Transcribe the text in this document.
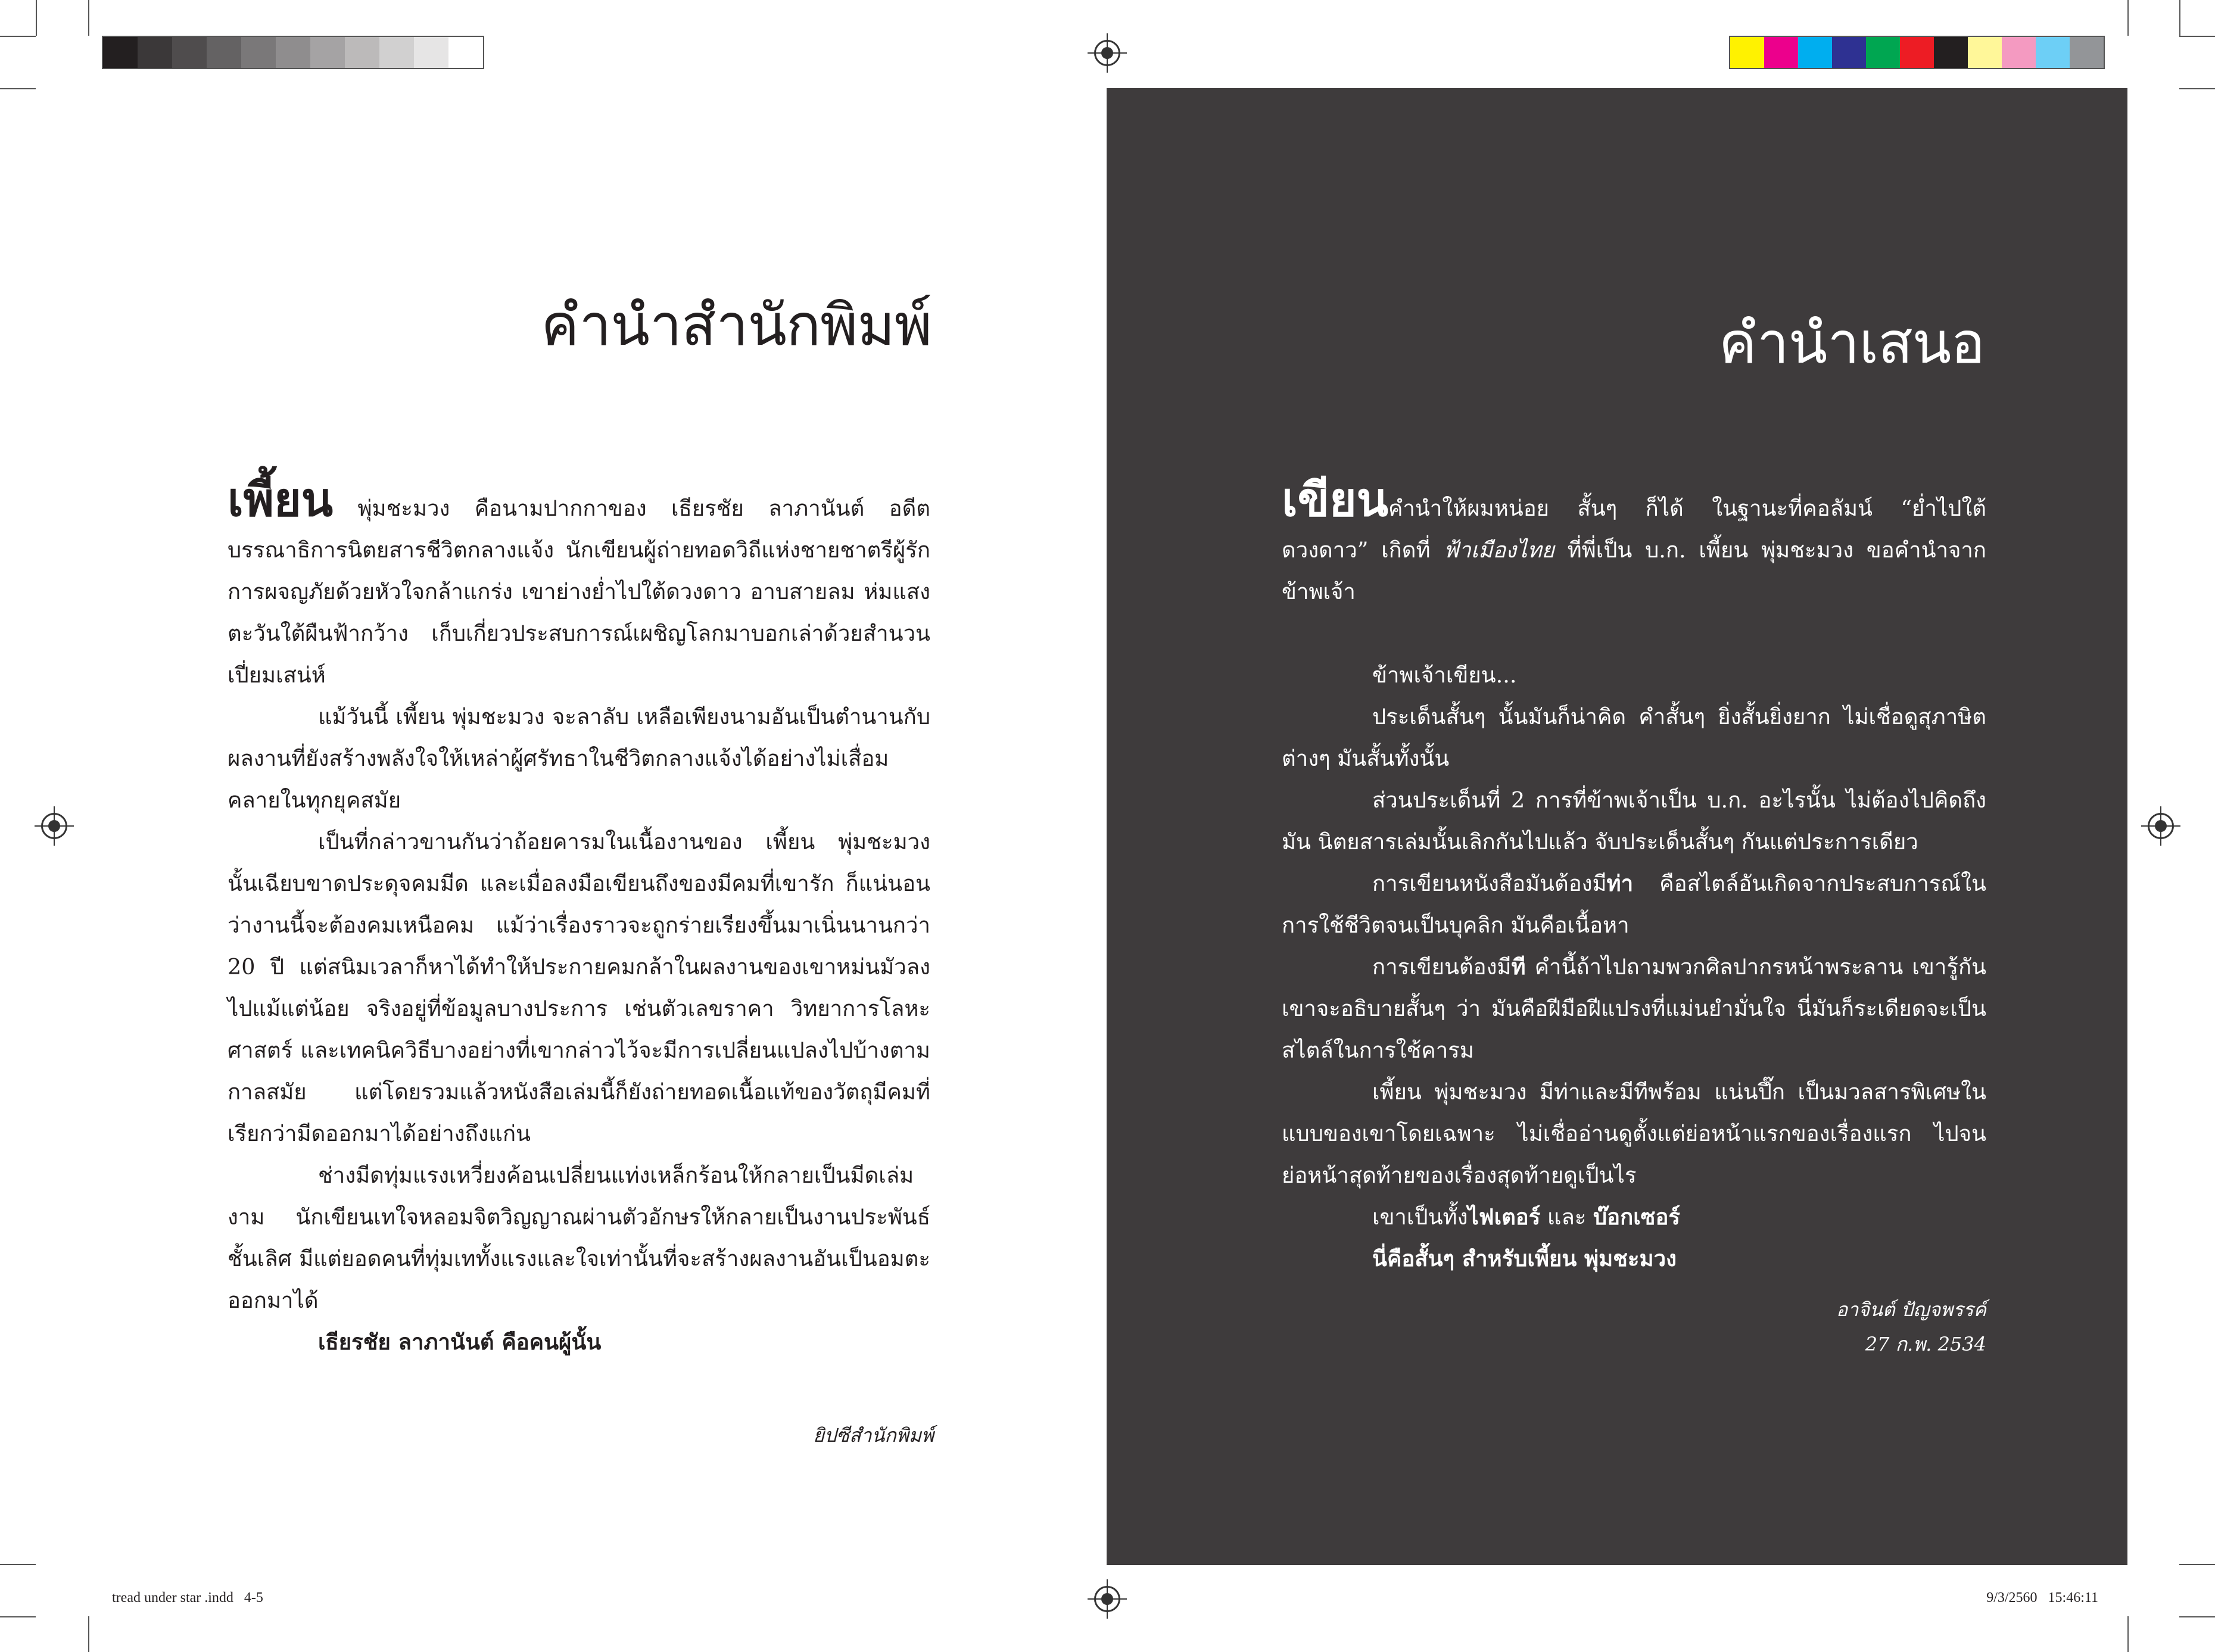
คำนำสำนักพิมพ์

เพี้ยน พุ่มชะมวง คือนามปากกาของ เธียรชัย ลาภานันต์ อดีตบรรณาธิการนิตยสารชีวิตกลางแจ้ง นักเขียนผู้ถ่ายทอดวิถีแห่งชายชาตรีผู้รักการผจญภัยด้วยหัวใจกล้าแกร่ง เขาย่างย่ำไปใต้ดวงดาว อาบสายลม ห่มแสงตะวันใต้ผืนฟ้ากว้าง เก็บเกี่ยวประสบการณ์เผชิญโลกมาบอกเล่าด้วยสำนวนเปี่ยมเสน่ห์

แม้วันนี้ เพี้ยน พุ่มชะมวง จะลาลับ เหลือเพียงนามอันเป็นตำนานกับผลงานที่ยังสร้างพลังใจให้เหล่าผู้ศรัทธาในชีวิตกลางแจ้งได้อย่างไม่เสื่อมคลายในทุกยุคสมัย

เป็นที่กล่าวขานกันว่าถ้อยคารมในเนื้องานของ เพี้ยน พุ่มชะมวง นั้นเฉียบขาดประดุจคมมีด และเมื่อลงมือเขียนถึงของมีคมที่เขารัก ก็แน่นอนว่างานนี้จะต้องคมเหนือคม แม้ว่าเรื่องราวจะถูกร่ายเรียงขึ้นมาเนิ่นนานกว่า 20 ปี แต่สนิมเวลาก็หาได้ทำให้ประกายคมกล้าในผลงานของเขาหม่นมัวลงไปแม้แต่น้อย จริงอยู่ที่ข้อมูลบางประการ เช่นตัวเลขราคา วิทยาการโลหะศาสตร์ และเทคนิควิธีบางอย่างที่เขากล่าวไว้จะมีการเปลี่ยนแปลงไปบ้างตามกาลสมัย แต่โดยรวมแล้วหนังสือเล่มนี้ก็ยังถ่ายทอดเนื้อแท้ของวัตถุมีคมที่เรียกว่ามีดออกมาได้อย่างถึงแก่น

ช่างมีดทุ่มแรงเหวี่ยงค้อนเปลี่ยนแท่งเหล็กร้อนให้กลายเป็นมีดเล่มงาม นักเขียนเทใจหลอมจิตวิญญาณผ่านตัวอักษรให้กลายเป็นงานประพันธ์ชั้นเลิศ มีแต่ยอดคนที่ทุ่มเททั้งแรงและใจเท่านั้นที่จะสร้างผลงานอันเป็นอมตะออกมาได้

เธียรชัย ลาภานันต์ คือคนผู้นั้น

ยิปซีสำนักพิมพ์
คำนำเสนอ

เขียนคำนำให้ผมหน่อย สั้นๆ ก็ได้ ในฐานะที่คอลัมน์ “ย่ำไปใต้ดวงดาว” เกิดที่ ฟ้าเมืองไทย ที่พี่เป็น บ.ก. เพี้ยน พุ่มชะมวง ขอคำนำจากข้าพเจ้า

ข้าพเจ้าเขียน...

ประเด็นสั้นๆ นั้นมันก็น่าคิด คำสั้นๆ ยิ่งสั้นยิ่งยาก ไม่เชื่อดูสุภาษิตต่างๆ มันสั้นทั้งนั้น

ส่วนประเด็นที่ 2 การที่ข้าพเจ้าเป็น บ.ก. อะไรนั้น ไม่ต้องไปคิดถึงมัน นิตยสารเล่มนั้นเลิกกันไปแล้ว จับประเด็นสั้นๆ กันแต่ประการเดียว

การเขียนหนังสือมันต้องมีท่า คือสไตล์อันเกิดจากประสบการณ์ในการใช้ชีวิตจนเป็นบุคลิก มันคือเนื้อหา

การเขียนต้องมีที คำนี้ถ้าไปถามพวกศิลปากรหน้าพระลาน เขารู้กันเขาจะอธิบายสั้นๆ ว่า มันคือฝีมือฝีแปรงที่แม่นยำมั่นใจ นี่มันก็ระเดียดจะเป็นสไตล์ในการใช้คารม

เพี้ยน พุ่มชะมวง มีท่าและมีทีพร้อม แน่นปึ๊ก เป็นมวลสารพิเศษในแบบของเขาโดยเฉพาะ ไม่เชื่ออ่านดูตั้งแต่ย่อหน้าแรกของเรื่องแรก ไปจนย่อหน้าสุดท้ายของเรื่องสุดท้ายดูเป็นไร

เขาเป็นทั้งไฟเตอร์ และ บ๊อกเซอร์

นี่คือสั้นๆ สำหรับเพี้ยน พุ่มชะมวง

อาจินต์ ปัญจพรรค์
27 ก.พ. 2534
tread under star .indd   4-5	9/3/2560   15:46:11
